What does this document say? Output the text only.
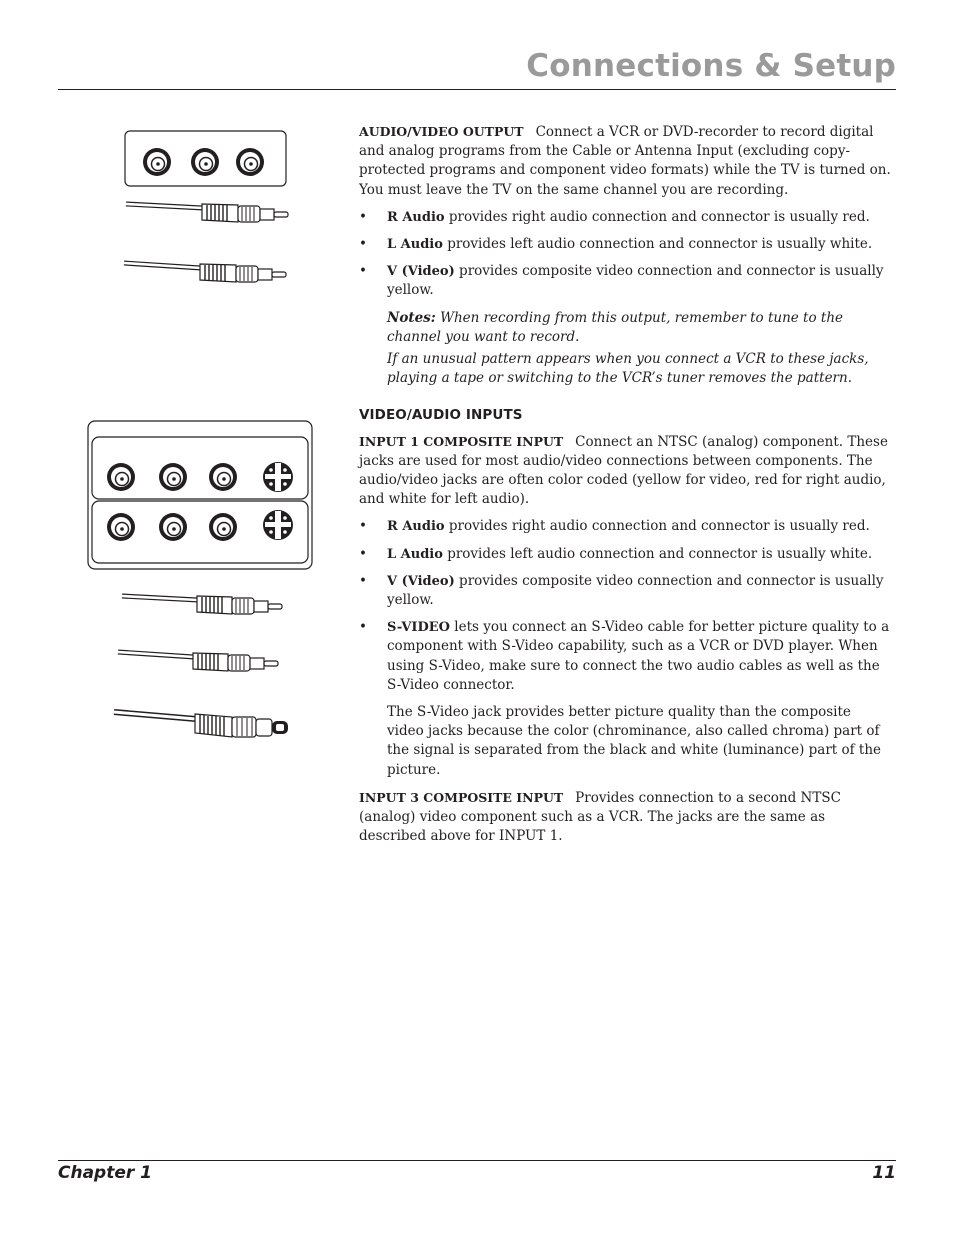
Connections & Setup

AUDIO/VIDEO OUTPUT Connect a VCR or DVD-recorder to record digital and analog programs from the Cable or Antenna Input (excluding copy-protected programs and component video formats) while the TV is turned on. You must leave the TV on the same channel you are recording.

• R Audio provides right audio connection and connector is usually red.

• L Audio provides left audio connection and connector is usually white.

• V (Video) provides composite video connection and connector is usually yellow.

Notes: When recording from this output, remember to tune to the channel you want to record.

If an unusual pattern appears when you connect a VCR to these jacks, playing a tape or switching to the VCR’s tuner removes the pattern.

VIDEO/AUDIO INPUTS

INPUT 1 COMPOSITE INPUT Connect an NTSC (analog) component. These jacks are used for most audio/video connections between components. The audio/video jacks are often color coded (yellow for video, red for right audio, and white for left audio).

• R Audio provides right audio connection and connector is usually red.

• L Audio provides left audio connection and connector is usually white.

• V (Video) provides composite video connection and connector is usually yellow.

• S-VIDEO lets you connect an S-Video cable for better picture quality to a component with S-Video capability, such as a VCR or DVD player. When using S-Video, make sure to connect the two audio cables as well as the S-Video connector.

The S-Video jack provides better picture quality than the composite video jacks because the color (chrominance, also called chroma) part of the signal is separated from the black and white (luminance) part of the picture.

INPUT 3 COMPOSITE INPUT Provides connection to a second NTSC (analog) video component such as a VCR. The jacks are the same as described above for INPUT 1.

Chapter 1	11
